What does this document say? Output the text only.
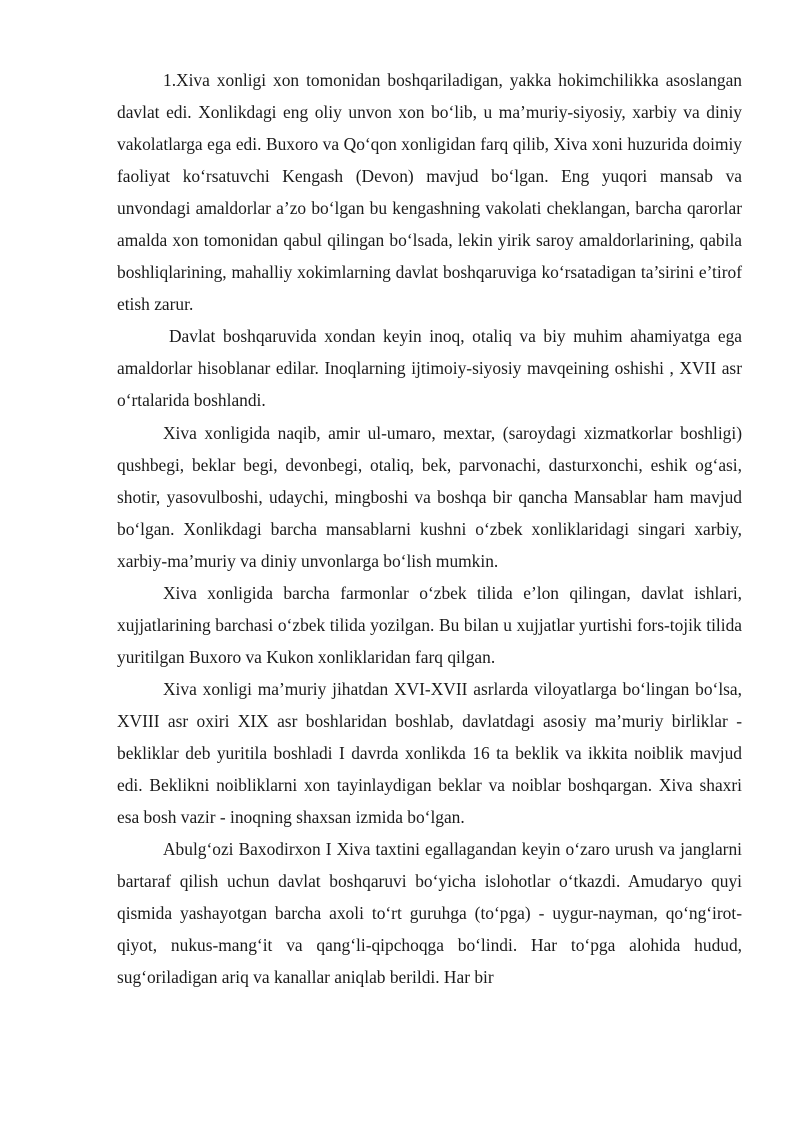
1.Xiva xonligi xon tomonidan boshqariladigan, yakka hokimchilikka asoslangan davlat edi. Xonlikdagi eng oliy unvon xon bo‘lib, u ma’muriy-siyosiy, xarbiy va diniy vakolatlarga ega edi. Buxoro va Qo‘qon xonligidan farq qilib, Xiva xoni huzurida doimiy faoliyat ko‘rsatuvchi Kengash (Devon) mavjud bo‘lgan. Eng yuqori mansab va unvondagi amaldorlar a’zo bo‘lgan bu kengashning vakolati cheklangan, barcha qarorlar amalda xon tomonidan qabul qilingan bo‘lsada, lekin yirik saroy amaldorlarining, qabila boshliqlarining, mahalliy xokimlarning davlat boshqaruviga ko‘rsatadigan ta’sirini e’tirof etish zarur.

Davlat boshqaruvida xondan keyin inoq, otaliq va biy muhim ahamiyatga ega amaldorlar hisoblanar edilar. Inoqlarning ijtimoiy-siyosiy mavqeining oshishi , XVII asr o‘rtalarida boshlandi.

Xiva xonligida naqib, amir ul-umaro, mextar, (saroydagi xizmatkorlar boshligi) qushbegi, beklar begi, devonbegi, otaliq, bek, parvonachi, dasturxonchi, eshik og‘asi, shotir, yasovulboshi, udaychi, mingboshi va boshqa bir qancha Mansablar ham mavjud bo‘lgan. Xonlikdagi barcha mansablarni kushni o‘zbek xonliklaridagi singari xarbiy, xarbiy-ma’muriy va diniy unvonlarga bo‘lish mumkin.

Xiva xonligida barcha farmonlar o‘zbek tilida e’lon qilingan, davlat ishlari, xujjatlarining barchasi o‘zbek tilida yozilgan. Bu bilan u xujjatlar yurtishi fors-tojik tilida yuritilgan Buxoro va Kukon xonliklaridan farq qilgan.

Xiva xonligi ma’muriy jihatdan XVI-XVII asrlarda viloyatlarga bo‘lingan bo‘lsa, XVIII asr oxiri XIX asr boshlaridan boshlab, davlatdagi asosiy ma’muriy birliklar - bekliklar deb yuritila boshladi I davrda xonlikda 16 ta beklik va ikkita noiblik mavjud edi. Beklikni noibliklarni xon tayinlaydigan beklar va noiblar boshqargan. Xiva shaxri esa bosh vazir - inoqning shaxsan izmida bo‘lgan.

Abulg‘ozi Baxodirxon I Xiva taxtini egallagandan keyin o‘zaro urush va janglarni bartaraf qilish uchun davlat boshqaruvi bo‘yicha islohotlar o‘tkazdi. Amudaryo quyi qismida yashayotgan barcha axoli to‘rt guruhga (to‘pga) - uygur-nayman, qo‘ng‘irot-qiyot, nukus-mang‘it va qang‘li-qipchoqga bo‘lindi. Har to‘pga alohida hudud, sug‘oriladigan ariq va kanallar aniqlab berildi. Har bir
